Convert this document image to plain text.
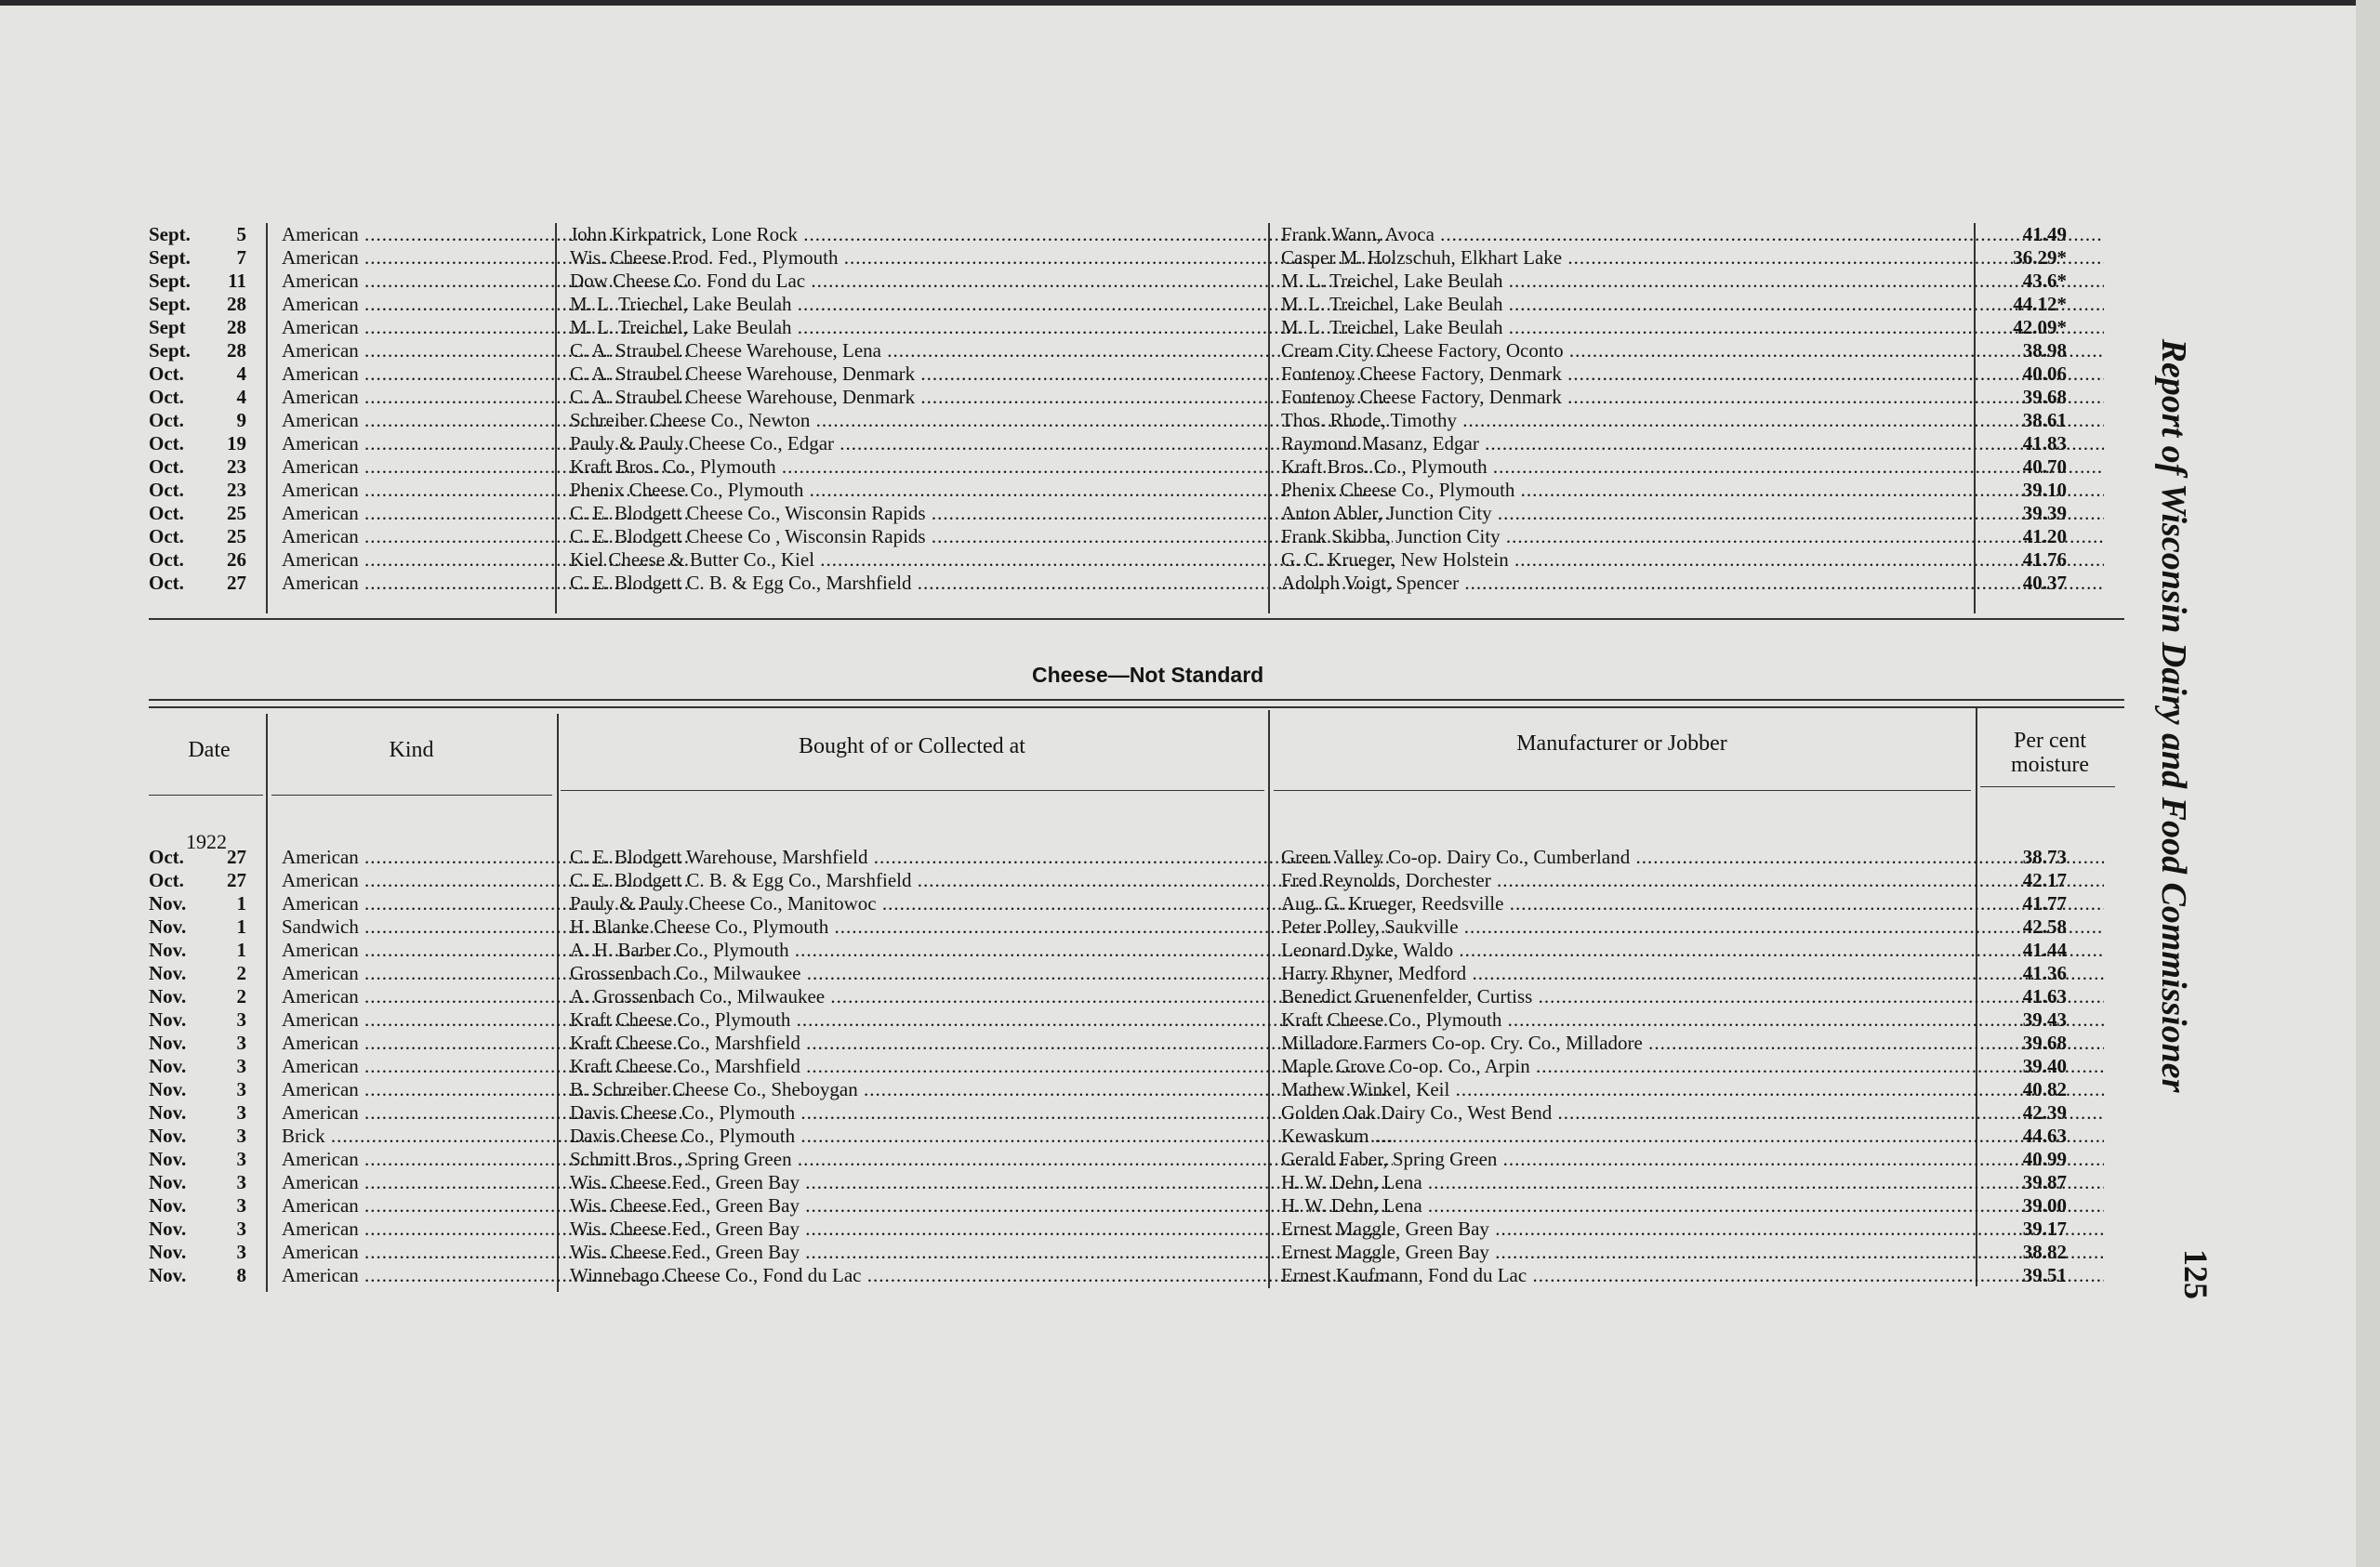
Sept.	5 American .....	John Kirkpatrick, Lone Rock .....	Frank Wann, Avoca .....	41.49
Sept.	7 American .....	Wis. Cheese Prod. Fed., Plymouth .....	Casper M. Holzschuh, Elkhart Lake .....	36.29*
Sept.	11 American .....	Dow Cheese Co. Fond du Lac .....	M. L. Treichel, Lake Beulah .....	43.6*
Sept.	28 American .....	M. L. Triechel, Lake Beulah .....	M. L. Treichel, Lake Beulah .....	44.12*
Sept	28 American .....	M. L. Treichel, Lake Beulah .....	M. L. Treichel, Lake Beulah .....	42.09*
Sept.	28 American .....	C. A. Straubel Cheese Warehouse, Lena .....	Cream City Cheese Factory, Oconto .....	38.98
Oct.	4 American .....	C. A. Straubel Cheese Warehouse, Denmark .....	Fontenoy Cheese Factory, Denmark .....	40.06
Oct.	4 American .....	C. A. Straubel Cheese Warehouse, Denmark .....	Fontenoy Cheese Factory, Denmark .....	39.68
Oct.	9 American .....	Schreiber Cheese Co., Newton .....	Thos. Rhode, Timothy .....	38.61
Oct.	19 American .....	Pauly & Pauly Cheese Co., Edgar .....	Raymond Masanz, Edgar .....	41.83
Oct.	23 American .....	Kraft Bros. Co., Plymouth .....	Kraft Bros. Co., Plymouth .....	40.70
Oct.	23 American .....	Phenix Cheese Co., Plymouth .....	Phenix Cheese Co., Plymouth .....	39.10
Oct.	25 American .....	C. E. Blodgett Cheese Co., Wisconsin Rapids .....	Anton Abler, Junction City .....	39.39
Oct.	25 American .....	C. E. Blodgett Cheese Co , Wisconsin Rapids .....	Frank Skibba, Junction City .....	41.20
Oct.	26 American .....	Kiel Cheese & Butter Co., Kiel .....	G. C. Krueger, New Holstein .....	41.76
Oct.	27 American .....	C. E. Blodgett C. B. & Egg Co., Marshfield .....	Adolph Voigt, Spencer .....	40.37
Cheese—Not Standard
Date	Kind	Bought of or Collected at	Manufacturer or Jobber	Per cent moisture
1922
Oct.	27 American .....	C. E. Blodgett Warehouse, Marshfield .....	Green Valley Co-op. Dairy Co., Cumberland .....	38.73
Oct.	27 American .....	C. E. Blodgett C. B. & Egg Co., Marshfield .....	Fred Reynolds, Dorchester .....	42.17
Nov.	1 American .....	Pauly & Pauly Cheese Co., Manitowoc .....	Aug. G. Krueger, Reedsville .....	41.77
Nov.	1 Sandwich .....	H. Blanke Cheese Co., Plymouth .....	Peter Polley, Saukville .....	42.58
Nov.	1 American .....	A. H. Barber Co., Plymouth .....	Leonard Dyke, Waldo .....	41.44
Nov.	2 American .....	Grossenbach Co., Milwaukee .....	Harry Rhyner, Medford .....	41.36
Nov.	2 American .....	A. Grossenbach Co., Milwaukee .....	Benedict Gruenenfelder, Curtiss .....	41.63
Nov.	3 American .....	Kraft Cheese Co., Plymouth .....	Kraft Cheese Co., Plymouth .....	39.43
Nov.	3 American .....	Kraft Cheese Co., Marshfield .....	Milladore Farmers Co-op. Cry. Co., Milladore .....	39.68
Nov.	3 American .....	Kraft Cheese Co., Marshfield .....	Maple Grove Co-op. Co., Arpin .....	39.40
Nov.	3 American .....	B. Schreiber Cheese Co., Sheboygan .....	Mathew Winkel, Keil .....	40.82
Nov.	3 American .....	Davis Cheese Co., Plymouth .....	Golden Oak Dairy Co., West Bend .....	42.39
Nov.	3 Brick .....	Davis Cheese Co., Plymouth .....	Kewaskum .....	44.63
Nov.	3 American .....	Schmitt Bros., Spring Green .....	Gerald Faber, Spring Green .....	40.99
Nov.	3 American .....	Wis. Cheese Fed., Green Bay .....	H. W. Dehn, Lena .....	39.87
Nov.	3 American .....	Wis. Cheese Fed., Green Bay .....	H. W. Dehn, Lena .....	39.00
Nov.	3 American .....	Wis. Cheese Fed., Green Bay .....	Ernest Maggle, Green Bay .....	39.17
Nov.	3 American .....	Wis. Cheese Fed., Green Bay .....	Ernest Maggle, Green Bay .....	38.82
Nov.	8 American .....	Winnebago Cheese Co., Fond du Lac .....	Ernest Kaufmann, Fond du Lac .....	39.51
Report of Wisconsin Dairy and Food Commissioner
125
